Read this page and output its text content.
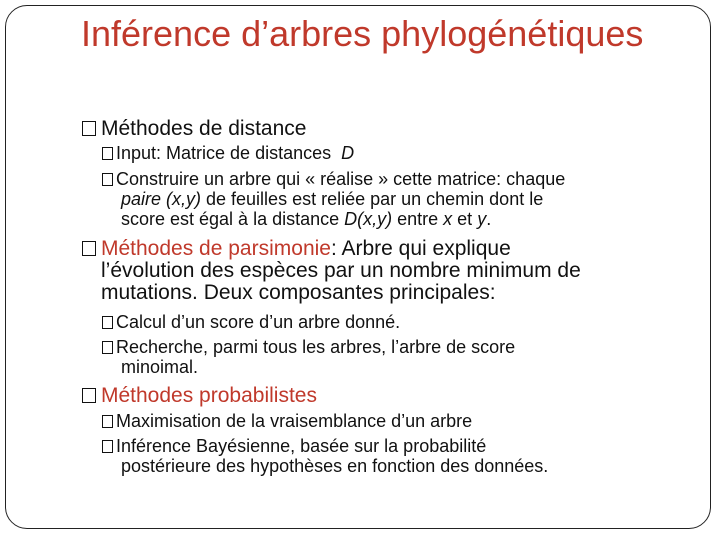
Inférence d’arbres phylogénétiques
Méthodes de distance
Input: Matrice de distances D
Construire un arbre qui « réalise » cette matrice: chaque
paire (x,y) de feuilles est reliée par un chemin dont le
score est égal à la distance D(x,y) entre x et y.
Méthodes de parsimonie: Arbre qui explique
l’évolution des espèces par un nombre minimum de
mutations. Deux composantes principales:
Calcul d’un score d’un arbre donné.
Recherche, parmi tous les arbres, l’arbre de score
minoimal.
Méthodes probabilistes
Maximisation de la vraisemblance d’un arbre
Inférence Bayésienne, basée sur la probabilité
postérieure des hypothèses en fonction des données.
